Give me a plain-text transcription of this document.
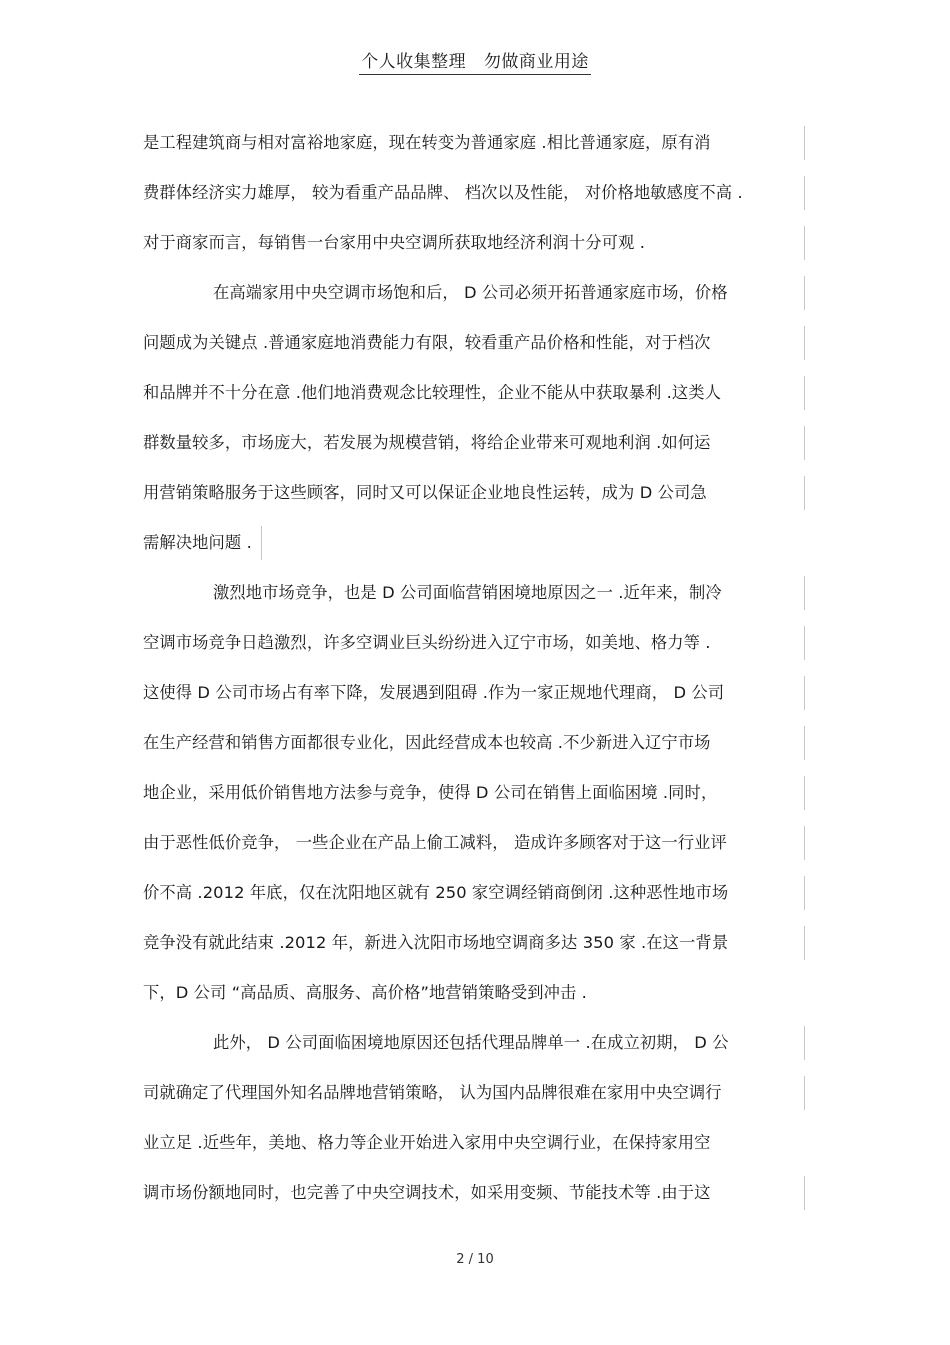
个人收集整理   勿做商业用途
是工程建筑商与相对富裕地家庭，现在转变为普通家庭 .相比普通家庭，原有消
费群体经济实力雄厚， 较为看重产品品牌、 档次以及性能， 对价格地敏感度不高 .
对于商家而言，每销售一台家用中央空调所获取地经济利润十分可观 .
在高端家用中央空调市场饱和后， D 公司必须开拓普通家庭市场，价格
问题成为关键点 .普通家庭地消费能力有限，较看重产品价格和性能，对于档次
和品牌并不十分在意 .他们地消费观念比较理性，企业不能从中获取暴利 .这类人
群数量较多，市场庞大，若发展为规模营销，将给企业带来可观地利润 .如何运
用营销策略服务于这些顾客，同时又可以保证企业地良性运转，成为 D 公司急
需解决地问题 .
激烈地市场竞争，也是 D 公司面临营销困境地原因之一 .近年来，制冷
空调市场竞争日趋激烈，许多空调业巨头纷纷进入辽宁市场，如美地、格力等 .
这使得 D 公司市场占有率下降，发展遇到阻碍 .作为一家正规地代理商， D 公司
在生产经营和销售方面都很专业化，因此经营成本也较高 .不少新进入辽宁市场
地企业，采用低价销售地方法参与竞争，使得 D 公司在销售上面临困境 .同时，
由于恶性低价竞争， 一些企业在产品上偷工减料， 造成许多顾客对于这一行业评
价不高 .2012 年底，仅在沈阳地区就有 250 家空调经销商倒闭 .这种恶性地市场
竞争没有就此结束 .2012 年，新进入沈阳市场地空调商多达 350 家 .在这一背景
下，D 公司 “高品质、高服务、高价格”地营销策略受到冲击 .
此外， D 公司面临困境地原因还包括代理品牌单一 .在成立初期， D 公
司就确定了代理国外知名品牌地营销策略， 认为国内品牌很难在家用中央空调行
业立足 .近些年，美地、格力等企业开始进入家用中央空调行业，在保持家用空
调市场份额地同时，也完善了中央空调技术，如采用变频、节能技术等 .由于这
2 / 10
